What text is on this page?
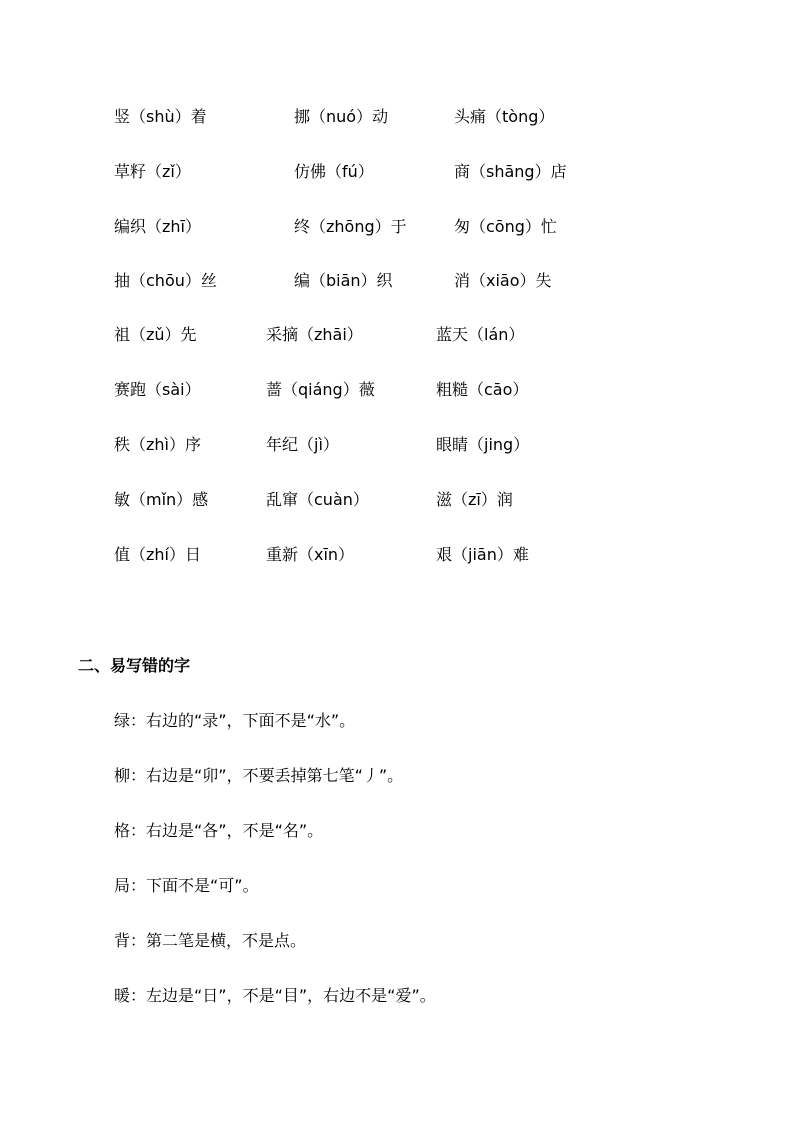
竖（shù）着	挪（nuó）动	头痛（tòng）
草籽（zǐ）	仿佛（fú）	商（shāng）店
编织（zhī）	终（zhōng）于	匆（cōng）忙
抽（chōu）丝	编（biān）织	消（xiāo）失
祖（zǔ）先	采摘（zhāi）	蓝天（lán）
赛跑（sài）	蔷（qiáng）薇	粗糙（cāo）
秩（zhì）序	年纪（jì）	眼睛（jing）
敏（mǐn）感	乱窜（cuàn）	滋（zī）润
值（zhí）日	重新（xīn）	艰（jiān）难
二、易写错的字
绿：右边的“录”，下面不是“水”。
柳：右边是“卯”，不要丢掉第七笔“丿”。
格：右边是“各”，不是“名”。
局：下面不是“可”。
背：第二笔是横，不是点。
暖：左边是“日”，不是“目”，右边不是“爱”。
